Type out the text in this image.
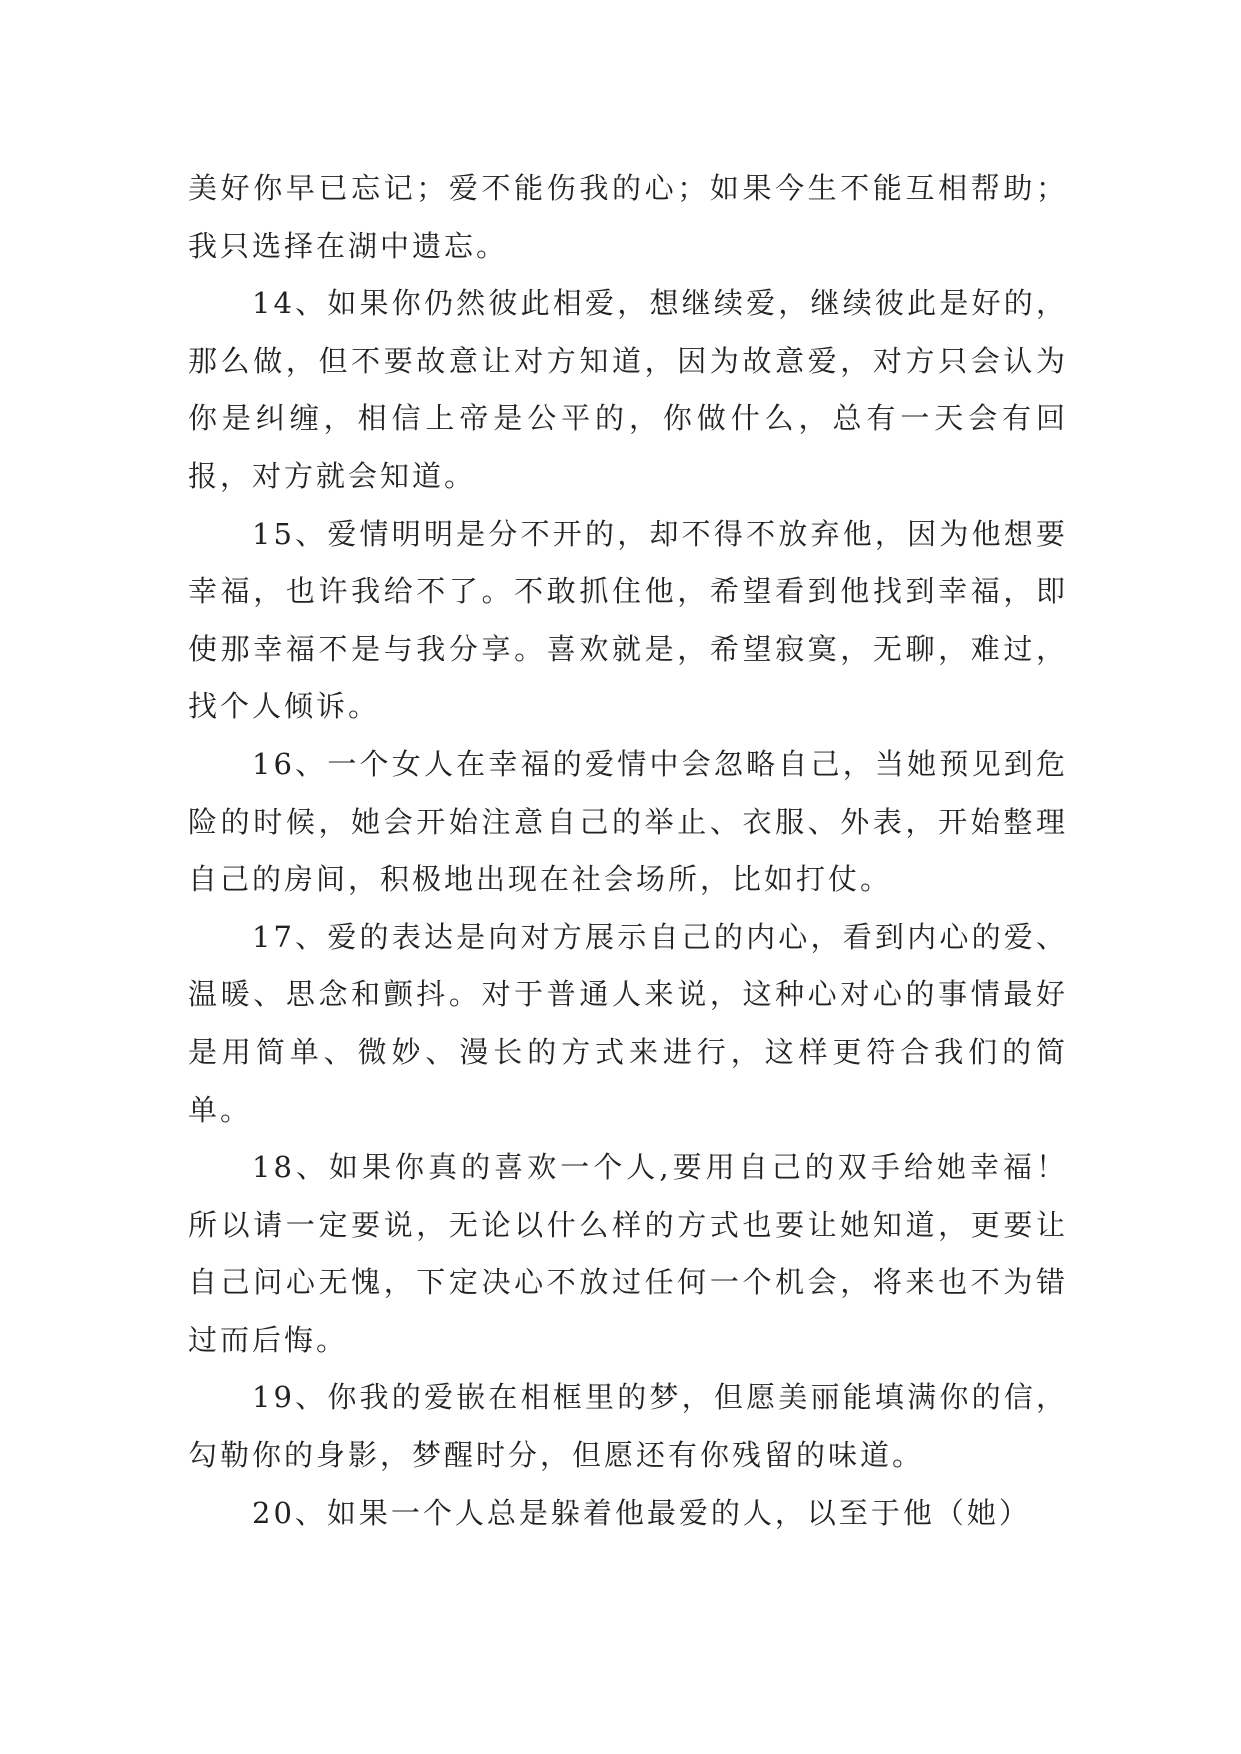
美好你早已忘记；爱不能伤我的心；如果今生不能互相帮助；我只选择在湖中遗忘。

14、如果你仍然彼此相爱，想继续爱，继续彼此是好的，那么做，但不要故意让对方知道，因为故意爱，对方只会认为你是纠缠，相信上帝是公平的，你做什么，总有一天会有回报，对方就会知道。

15、爱情明明是分不开的，却不得不放弃他，因为他想要幸福，也许我给不了。不敢抓住他，希望看到他找到幸福，即使那幸福不是与我分享。喜欢就是，希望寂寞，无聊，难过，找个人倾诉。

16、一个女人在幸福的爱情中会忽略自己，当她预见到危险的时候，她会开始注意自己的举止、衣服、外表，开始整理自己的房间，积极地出现在社会场所，比如打仗。

17、爱的表达是向对方展示自己的内心，看到内心的爱、温暖、思念和颤抖。对于普通人来说，这种心对心的事情最好是用简单、微妙、漫长的方式来进行，这样更符合我们的简单。

18、如果你真的喜欢一个人,要用自己的双手给她幸福！所以请一定要说，无论以什么样的方式也要让她知道，更要让自己问心无愧，下定决心不放过任何一个机会，将来也不为错过而后悔。

19、你我的爱嵌在相框里的梦，但愿美丽能填满你的信，勾勒你的身影，梦醒时分，但愿还有你残留的味道。

20、如果一个人总是躲着他最爱的人，以至于他（她）
